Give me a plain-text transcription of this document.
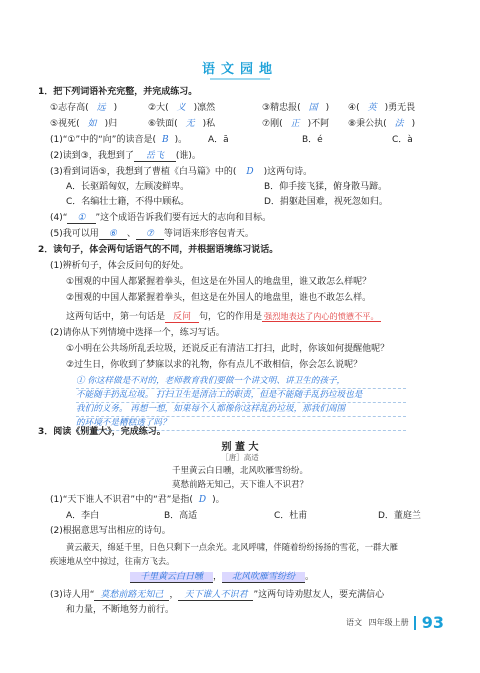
语文园地
1．把下列词语补充完整，并完成练习。
①志存高( 远 )	②大( 义 )凛然	③精忠报( 国 ) ④( 英 )勇无畏
⑤视死( 如 )归	⑥铁面( 无 )私	⑦刚( 正 )不阿 ⑧秉公执( 法 )
(1)“①”中的“向”的读音是( B )。 A．ā	B．é	C．à
(2)读到③，我想到了 岳飞 (谁)。
(3)看到词语⑤，我想到了曹植《白马篇》中的( D )这两句诗。
A．长驱蹈匈奴，左顾凌鲜卑。	B．仰手接飞猱，俯身散马蹄。
C．名编壮士籍，不得中顾私。	D．捐躯赴国难，视死忽如归。
(4)“ ① ”这个成语告诉我们要有远大的志向和目标。
(5)我可以用 ⑥ 、 ⑦ 等词语来形容包青天。
2．读句子，体会两句话语气的不同，并根据语境练习说话。
(1)辨析句子，体会反问句的好处。
①围观的中国人都紧握着拳头，但这是在外国人的地盘里，谁又敢怎么样呢？
②围观的中国人都紧握着拳头，但这是在外国人的地盘里，谁也不敢怎么样。
这两句话中，第一句话是 反问 句，它的作用是 强烈地表达了内心的愤懑不平。
(2)请你从下列情境中选择一个，练习写话。
①小明在公共场所乱丢垃圾，还说反正有清洁工打扫，此时，你该如何提醒他呢？
②过生日，你收到了梦寐以求的礼物，你有点儿不敢相信，你会怎么说呢？
① 你这样做是不对的，老师教育我们要做一个讲文明、讲卫生的孩子，
不能随手扔乱垃圾。 打扫卫生是清洁工的职责，但是不能随手乱扔垃圾也是
我们的义务。 再想一想，如果每个人都像你这样乱扔垃圾，那我们周围
的环境不是糟糕透了吗？
3．阅读《别董大》，完成练习。
别 董 大
［唐］高适
千里黄云白日曛，北风吹雁雪纷纷。
莫愁前路无知己，天下谁人不识君？
(1)“天下谁人不识君”中的“君”是指( D )。
A．李白	B．高适	C．杜甫	D．董庭兰
(2)根据意思写出相应的诗句。
黄云蔽天，绵延千里，日色只剩下一点余光。北风呼啸，伴随着纷纷扬扬的雪花，一群大雁
疾速地从空中掠过，往南方飞去。
千里黄云白日曛 ， 北风吹雁雪纷纷 。
(3)诗人用“ 莫愁前路无知己 ， 天下谁人不识君 ”这两句诗劝慰友人，要充满信心
和力量，不断地努力前行。
语文 四年级上册 93
